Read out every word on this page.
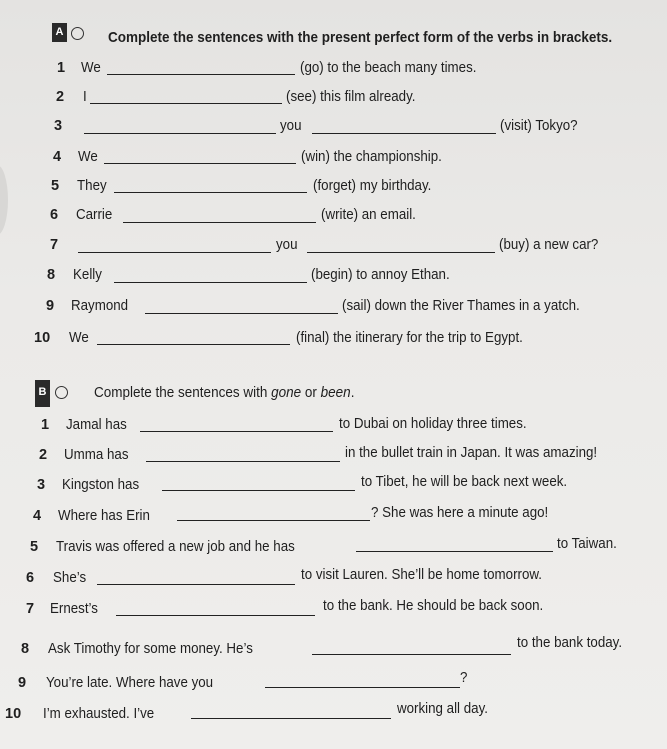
A	Complete the sentences with the present perfect form of the verbs in brackets.
1 We	(go) to the beach many times.
2 I	(see) this film already.
3	you	(visit) Tokyo?
4 We	(win) the championship.
5 They	(forget) my birthday.
6 Carrie	(write) an email.
7	you	(buy) a new car?
8 Kelly	(begin) to annoy Ethan.
9 Raymond	(sail) down the River Thames in a yatch.
10 We	(final) the itinerary for the trip to Egypt.
B	Complete the sentences with gone or been.
1 Jamal has	to Dubai on holiday three times.
2 Umma has	in the bullet train in Japan. It was amazing!
3 Kingston has	to Tibet, he will be back next week.
4 Where has Erin	? She was here a minute ago!
5 Travis was offered a new job and he has	to Taiwan.
6 She’s	to visit Lauren. She’ll be home tomorrow.
7 Ernest’s	to the bank. He should be back soon.
8 Ask Timothy for some money. He’s	to the bank today.
9 You’re late. Where have you	?
10 I’m exhausted. I’ve	working all day.
